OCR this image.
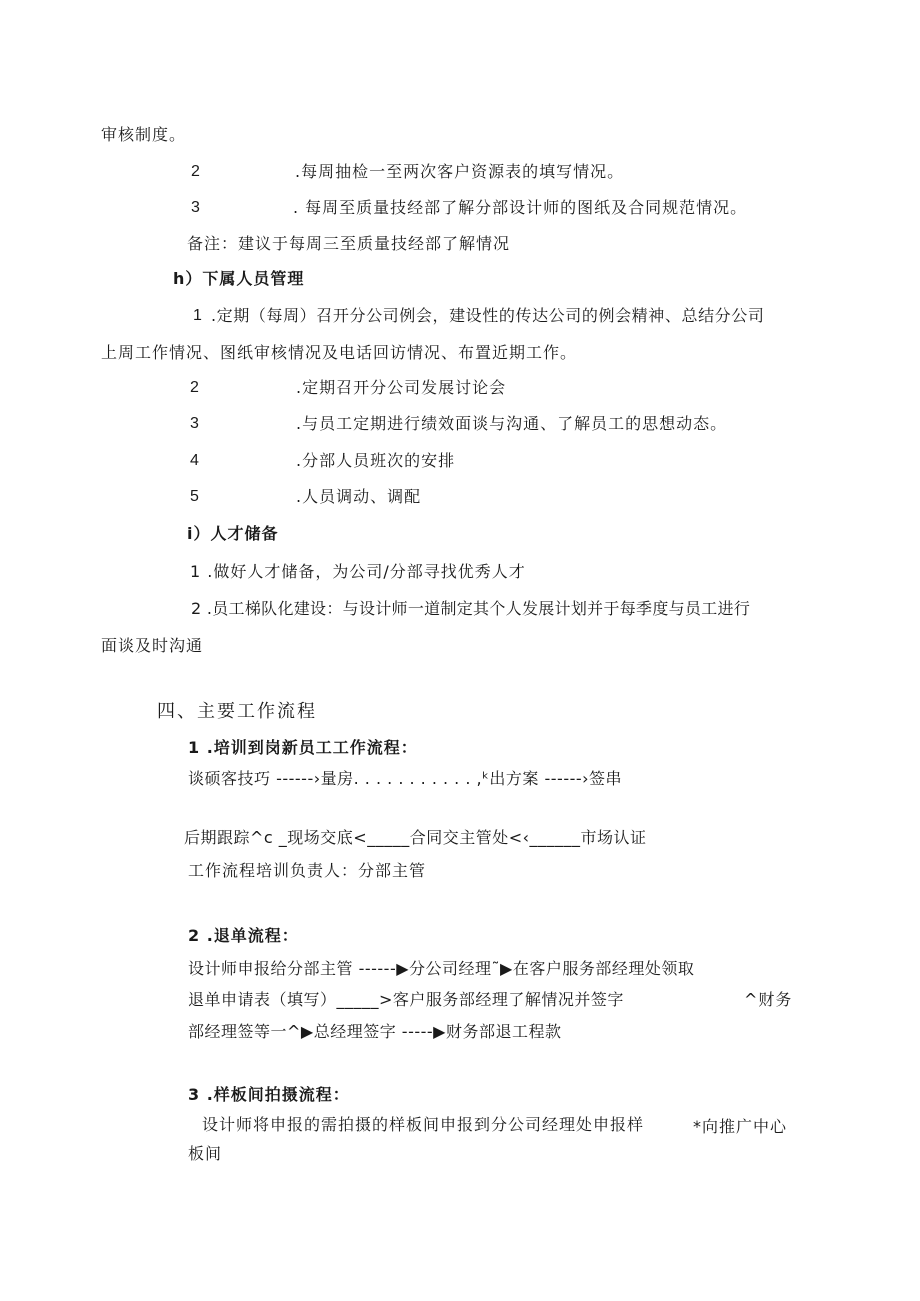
审核制度。
2	.每周抽检一至两次客户资源表的填写情况。
3	. 每周至质量技经部了解分部设计师的图纸及合同规范情况。
备注：建议于每周三至质量技经部了解情况
h）下属人员管理
1 .定期（每周）召开分公司例会，建设性的传达公司的例会精神、总结分公司
上周工作情况、图纸审核情况及电话回访情况、布置近期工作。
2	.定期召开分公司发展讨论会
3	.与员工定期进行绩效面谈与沟通、了解员工的思想动态。
4	.分部人员班次的安排
5	.人员调动、调配
i）人才储备
1 .做好人才储备，为公司/分部寻找优秀人才
2 .员工梯队化建设：与设计师一道制定其个人发展计划并于每季度与员工进行
面谈及时沟通
四、主要工作流程
1 .培训到岗新员工工作流程：
谈硕客技巧 ------›量房. . . . . . . . . . . ,ᵏ出方案 ------›签串
后期跟踪^c _现场交底<_____合同交主管处<‹______市场认证
工作流程培训负责人：分部主管
2 .退单流程：
设计师申报给分部主管 ------▶分公司经理˜▶在客户服务部经理处领取
退单申请表（填写）_____>客户服务部经理了解情况并签字	^财务
部经理签等一^▶总经理签字 -----▶财务部退工程款
3 .样板间拍摄流程：
设计师将申报的需拍摄的样板间申报到分公司经理处申报样	*向推广中心
板间
